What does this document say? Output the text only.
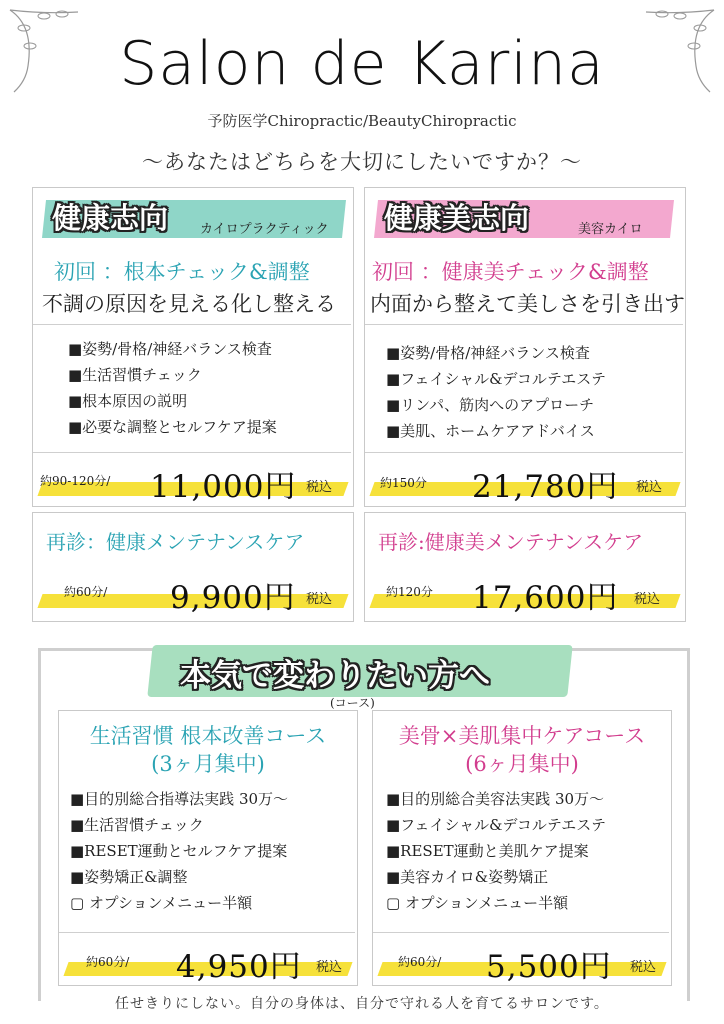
Salon de Karina
予防医学Chiropractic/BeautyChiropractic
〜あなたはどちらを大切にしたいですか？〜
健康志向 カイロプラクティック
初回 ：根本チェック&調整
不調の原因を見える化し整える
■姿勢/骨格/神経バランス検査
■生活習慣チェック
■根本原因の説明
■必要な調整とセルフケア提案
約90-120分/ 11,000円 税込
再診：健康メンテナンスケア
約60分/ 9,900円 税込
健康美志向	美容カイロ
初回 ：健康美チェック&調整
内面から整えて美しさを引き出す
■姿勢/骨格/神経バランス検査
■フェイシャル&デコルテエステ
■リンパ、筋肉へのアプローチ
■美肌、ホームケアアドバイス
約150分 21,780円 税込
再診:健康美メンテナンスケア
約120分 17,600円 税込
本気で変わりたい方へ
(コース)
生活習慣 根本改善コース
(3ヶ月集中)
■目的別総合指導法実践 30万〜
■生活習慣チェック
■RESET運動とセルフケア提案
■姿勢矯正&調整
▢ オプションメニュー半額
約60分/ 4,950円 税込
美骨×美肌集中ケアコース
(6ヶ月集中)
■目的別総合美容法実践 30万〜
■フェイシャル&デコルテエステ
■RESET運動と美肌ケア提案
■美容カイロ&姿勢矯正
▢ オプションメニュー半額
約60分/ 5,500円 税込
任せきりにしない。自分の身体は、自分で守れる人を育てるサロンです。
